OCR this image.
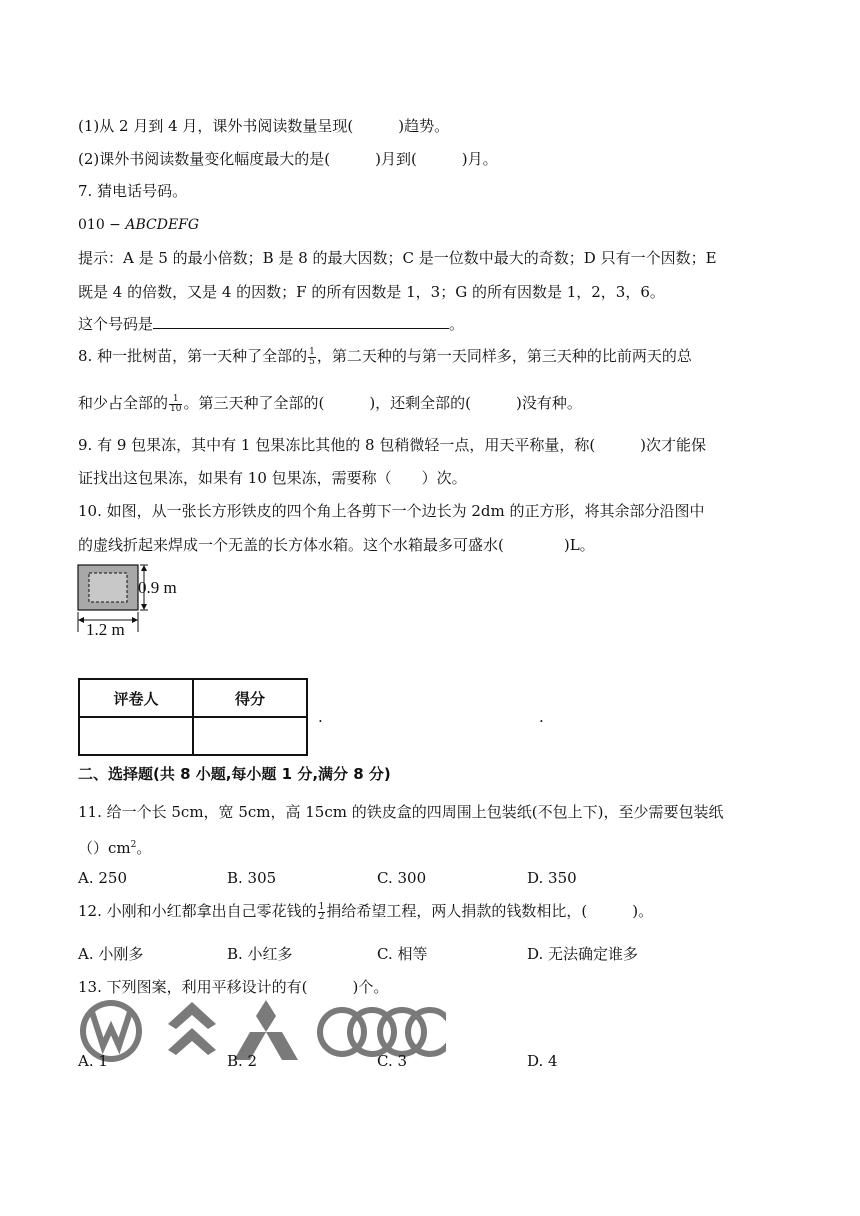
(1)从 2 月到 4 月，课外书阅读数量呈现(　　　)趋势。
(2)课外书阅读数量变化幅度最大的是(　　　)月到(　　　)月。
7. 猜电话号码。
010 − ABCDEFG
提示：A 是 5 的最小倍数；B 是 8 的最大因数；C 是一位数中最大的奇数；D 只有一个因数；E
既是 4 的倍数，又是 4 的因数；F 的所有因数是 1，3；G 的所有因数是 1，2，3，6。
这个号码是	。
8. 种一批树苗，第一天种了全部的 $\frac{1}{5}$ ，第二天种的与第一天同样多，第三天种的比前两天的总
和少占全部的 $\frac{1}{10}$ 。第三天种了全部的(　　　)，还剩全部的(　　　)没有种。
9. 有 9 包果冻，其中有 1 包果冻比其他的 8 包稍微轻一点，用天平称量，称(　　　)次才能保
证找出这包果冻，如果有 10 包果冻，需要称（　　）次。
10. 如图，从一张长方形铁皮的四个角上各剪下一个边长为 2dm 的正方形，将其余部分沿图中
的虚线折起来焊成一个无盖的长方体水箱。这个水箱最多可盛水(　　　　)L。
0.9 m
1.2 m
评卷人	得分

.	.
二、选择题(共 8 小题,每小题 1 分,满分 8 分)
11. 给一个长 5cm，宽 5cm，高 15cm 的铁皮盒的四周围上包装纸(不包上下)，至少需要包装纸
$()cm^2$。
A. 250	B. 305	C. 300	D. 350
12. 小刚和小红都拿出自己零花钱的 $\frac{1}{2}$ 捐给希望工程，两人捐款的钱数相比，(　　　)。
A. 小刚多	B. 小红多	C. 相等	D. 无法确定谁多
13. 下列图案，利用平移设计的有(　　　)个。
A. 1	B. 2	C. 3	D. 4
